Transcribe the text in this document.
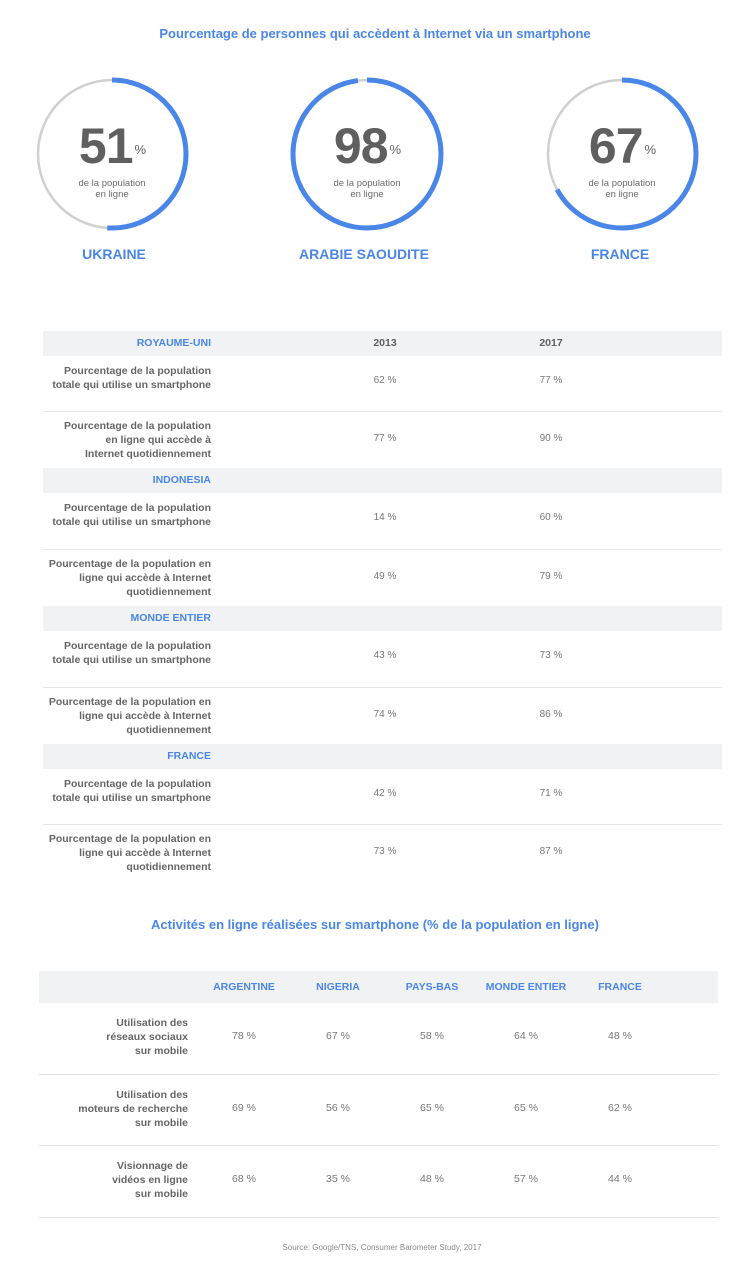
Pourcentage de personnes qui accèdent à Internet via un smartphone
51 %
de la population
en ligne
UKRAINE
98 %
de la population
en ligne
ARABIE SAOUDITE
67 %
de la population
en ligne
FRANCE
ROYAUME-UNI	2013	2017
Pourcentage de la population
totale qui utilise un smartphone	62 %	77 %
Pourcentage de la population
en ligne qui accède à
Internet quotidiennement
77 %	90 %
INDONESIA
Pourcentage de la population
totale qui utilise un smartphone	14 %	60 %
Pourcentage de la population en
ligne qui accède à Internet
quotidiennement
49 %	79 %
MONDE ENTIER
Pourcentage de la population
totale qui utilise un smartphone	43 %	73 %
Pourcentage de la population en
ligne qui accède à Internet
quotidiennement
74 %	86 %
FRANCE
Pourcentage de la population
totale qui utilise un smartphone	42 %	71 %
Pourcentage de la population en
ligne qui accède à Internet
quotidiennement
73 %	87 %
Activités en ligne réalisées sur smartphone (% de la population en ligne)
ARGENTINE	NIGERIA	PAYS-BAS	MONDE ENTIER	FRANCE
Utilisation des
réseaux sociaux
sur mobile
78 %	67 %	58 %	64 %	48 %
Utilisation des
moteurs de recherche
sur mobile
69 %	56 %	65 %	65 %	62 %
Visionnage de
vidéos en ligne
sur mobile
68 %	35 %	48 %	57 %	44 %
Source: Google/TNS, Consumer Barometer Study, 2017
